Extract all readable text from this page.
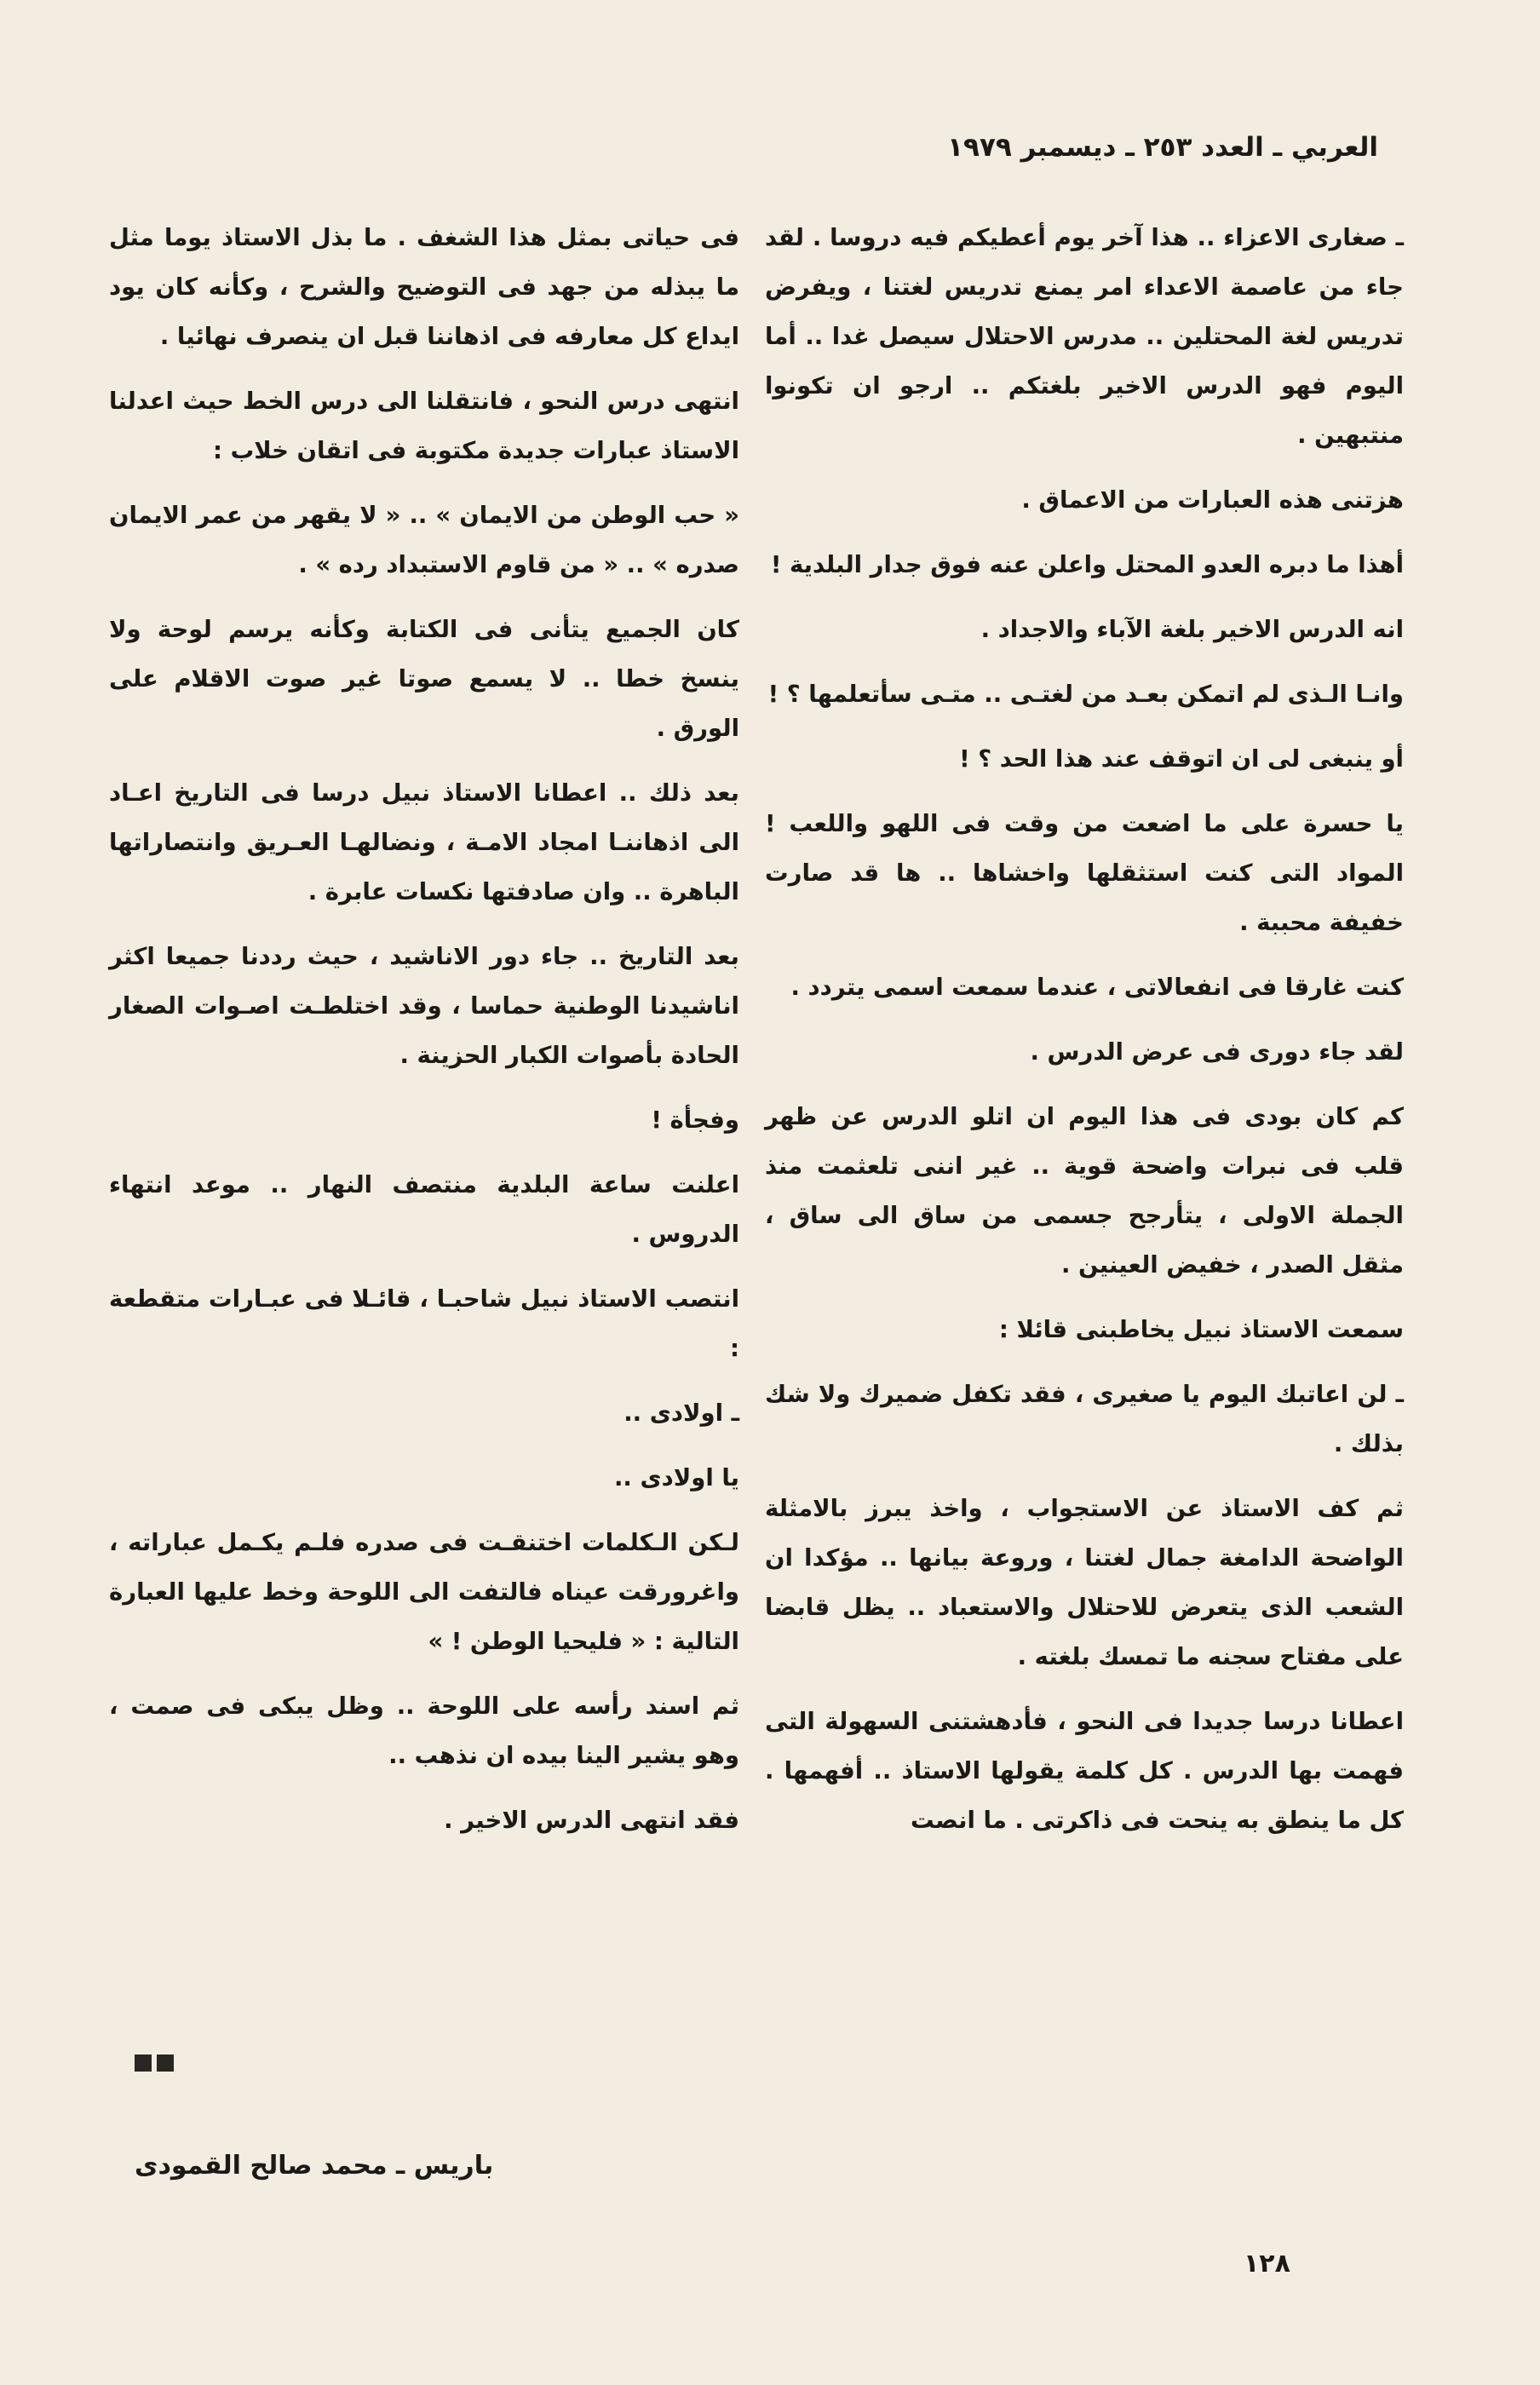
العربي ـ العدد ٢٥٣ ـ ديسمبر ١٩٧٩

ـ صغارى الاعزاء .. هذا آخر يوم أعطيكم فيه دروسا . لقد جاء من عاصمة الاعداء امر يمنع تدريس لغتنا ، ويفرض تدريس لغة المحتلين .. مدرس الاحتلال سيصل غدا .. أما اليوم فهو الدرس الاخير بلغتكم .. ارجو ان تكونوا منتبهين .

هزتنى هذه العبارات من الاعماق .

أهذا ما دبره العدو المحتل واعلن عنه فوق جدار البلدية !

انه الدرس الاخير بلغة الآباء والاجداد .

وانـا الـذى لم اتمكن بعـد من لغتـى .. متـى سأتعلمها ؟ !

أو ينبغى لى ان اتوقف عند هذا الحد ؟ !

يا حسرة على ما اضعت من وقت فى اللهو واللعب ! المواد التى كنت استثقلها واخشاها .. ها قد صارت خفيفة محببة .

كنت غارقا فى انفعالاتى ، عندما سمعت اسمى يتردد .

لقد جاء دورى فى عرض الدرس .

كم كان بودى فى هذا اليوم ان اتلو الدرس عن ظهر قلب فى نبرات واضحة قوية .. غير اننى تلعثمت منذ الجملة الاولى ، يتأرجح جسمى من ساق الى ساق ، مثقل الصدر ، خفيض العينين .

سمعت الاستاذ نبيل يخاطبنى قائلا :

ـ لن اعاتبك اليوم يا صغيرى ، فقد تكفل ضميرك ولا شك بذلك .

ثم كف الاستاذ عن الاستجواب ، واخذ يبرز بالامثلة الواضحة الدامغة جمال لغتنا ، وروعة بيانها .. مؤكدا ان الشعب الذى يتعرض للاحتلال والاستعباد .. يظل قابضا على مفتاح سجنه ما تمسك بلغته .

اعطانا درسا جديدا فى النحو ، فأدهشتنى السهولة التى فهمت بها الدرس . كل كلمة يقولها الاستاذ .. أفهمها . كل ما ينطق به ينحت فى ذاكرتى . ما انصت

فى حياتى بمثل هذا الشغف . ما بذل الاستاذ يوما مثل ما يبذله من جهد فى التوضيح والشرح ، وكأنه كان يود ايداع كل معارفه فى اذهاننا قبل ان ينصرف نهائيا .

انتهى درس النحو ، فانتقلنا الى درس الخط حيث اعدلنا الاستاذ عبارات جديدة مكتوبة فى اتقان خلاب :

« حب الوطن من الايمان » .. « لا يقهر من عمر الايمان صدره » .. « من قاوم الاستبداد رده » .

كان الجميع يتأنى فى الكتابة وكأنه يرسم لوحة ولا ينسخ خطا .. لا يسمع صوتا غير صوت الاقلام على الورق .

بعد ذلك .. اعطانا الاستاذ نبيل درسا فى التاريخ اعـاد الى اذهاننـا امجاد الامـة ، ونضالهـا العـريق وانتصاراتها الباهرة .. وان صادفتها نكسات عابرة .

بعد التاريخ .. جاء دور الاناشيد ، حيث رددنا جميعا اكثر اناشيدنا الوطنية حماسا ، وقد اختلطـت اصـوات الصغار الحادة بأصوات الكبار الحزينة .

وفجأة !

اعلنت ساعة البلدية منتصف النهار .. موعد انتهاء الدروس .

انتصب الاستاذ نبيل شاحبـا ، قائـلا فى عبـارات متقطعة :

ـ اولادى ..

يا اولادى ..

لـكن الـكلمات اختنقـت فى صدره فلـم يكـمل عباراته ، واغرورقت عيناه فالتفت الى اللوحة وخط عليها العبارة التالية : « فليحيا الوطن ! »

ثم اسند رأسه على اللوحة .. وظل يبكى فى صمت ، وهو يشير الينا بيده ان نذهب ..

فقد انتهى الدرس الاخير .

باريس ـ محمد صالح القمودى
١٢٨
